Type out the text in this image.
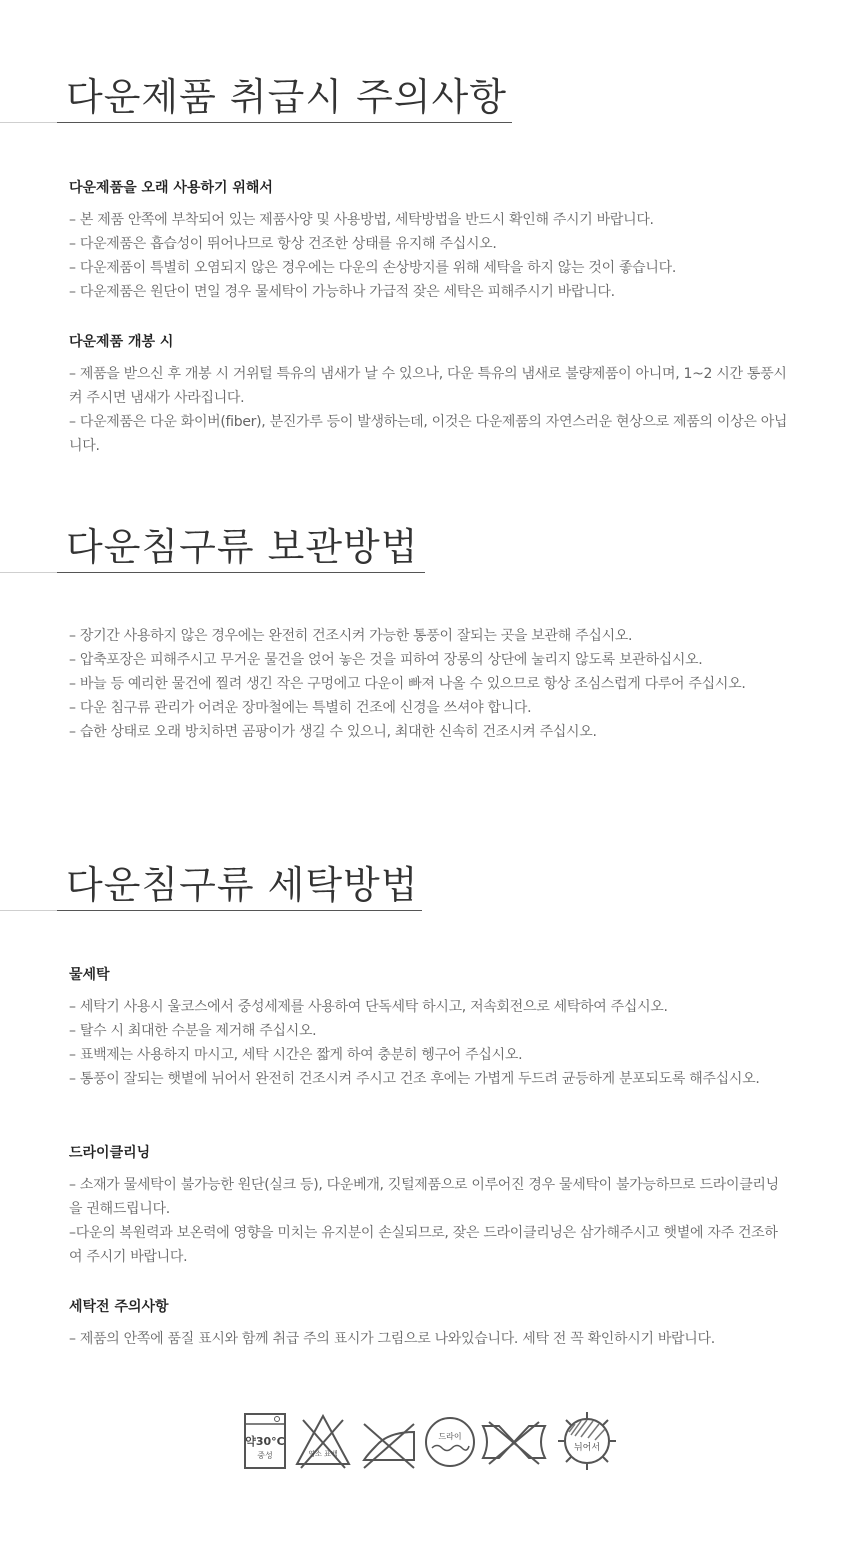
다운제품 취급시 주의사항
다운제품을 오래 사용하기 위해서

– 본 제품 안쪽에 부착되어 있는 제품사양 및 사용방법, 세탁방법을 반드시 확인해 주시기 바랍니다.

– 다운제품은 흡습성이 뛰어나므로 항상 건조한 상태를 유지해 주십시오.

– 다운제품이 특별히 오염되지 않은 경우에는 다운의 손상방지를 위해 세탁을 하지 않는 것이 좋습니다.

– 다운제품은 원단이 면일 경우 물세탁이 가능하나 가급적 잦은 세탁은 피해주시기 바랍니다.

다운제품 개봉 시

– 제품을 받으신 후 개봉 시 거위털 특유의 냄새가 날 수 있으나, 다운 특유의 냄새로 불량제품이 아니며, 1~2 시간 통풍시켜 주시면 냄새가 사라집니다.

– 다운제품은 다운 화이버(fiber), 분진가루 등이 발생하는데, 이것은 다운제품의 자연스러운 현상으로 제품의 이상은 아닙니다.

다운침구류 보관방법

– 장기간 사용하지 않은 경우에는 완전히 건조시켜 가능한 통풍이 잘되는 곳을 보관해 주십시오.

– 압축포장은 피해주시고 무거운 물건을 얹어 놓은 것을 피하여 장롱의 상단에 눌리지 않도록 보관하십시오.

– 바늘 등 예리한 물건에 찔려 생긴 작은 구멍에고 다운이 빠져 나올 수 있으므로 항상 조심스럽게 다루어 주십시오.

– 다운 침구류 관리가 어려운 장마철에는 특별히 건조에 신경을 쓰셔야 합니다.

– 습한 상태로 오래 방치하면 곰팡이가 생길 수 있으니, 최대한 신속히 건조시켜 주십시오.

다운침구류 세탁방법
물세탁

– 세탁기 사용시 울코스에서 중성세제를 사용하여 단독세탁 하시고, 저속회전으로 세탁하여 주십시오.

– 탈수 시 최대한 수분을 제거해 주십시오.

– 표백제는 사용하지 마시고, 세탁 시간은 짧게 하여 충분히 헹구어 주십시오.

– 통풍이 잘되는 햇볕에 뉘어서 완전히 건조시켜 주시고 건조 후에는 가볍게 두드려 균등하게 분포되도록 해주십시오.

드라이클리닝

– 소재가 물세탁이 불가능한 원단(실크 등), 다운베개, 깃털제품으로 이루어진 경우 물세탁이 불가능하므로 드라이클리닝을 권해드립니다.

–다운의 복원력과 보온력에 영향을 미치는 유지분이 손실되므로, 잦은 드라이클리닝은 삼가해주시고 햇볕에 자주 건조하여 주시기 바랍니다.

세탁전 주의사항

– 제품의 안쪽에 품질 표시와 함께 취급 주의 표시가 그림으로 나와있습니다. 세탁 전 꼭 확인하시기 바랍니다.

약30°C
중성	염소 표백
드라이
뉘어서
